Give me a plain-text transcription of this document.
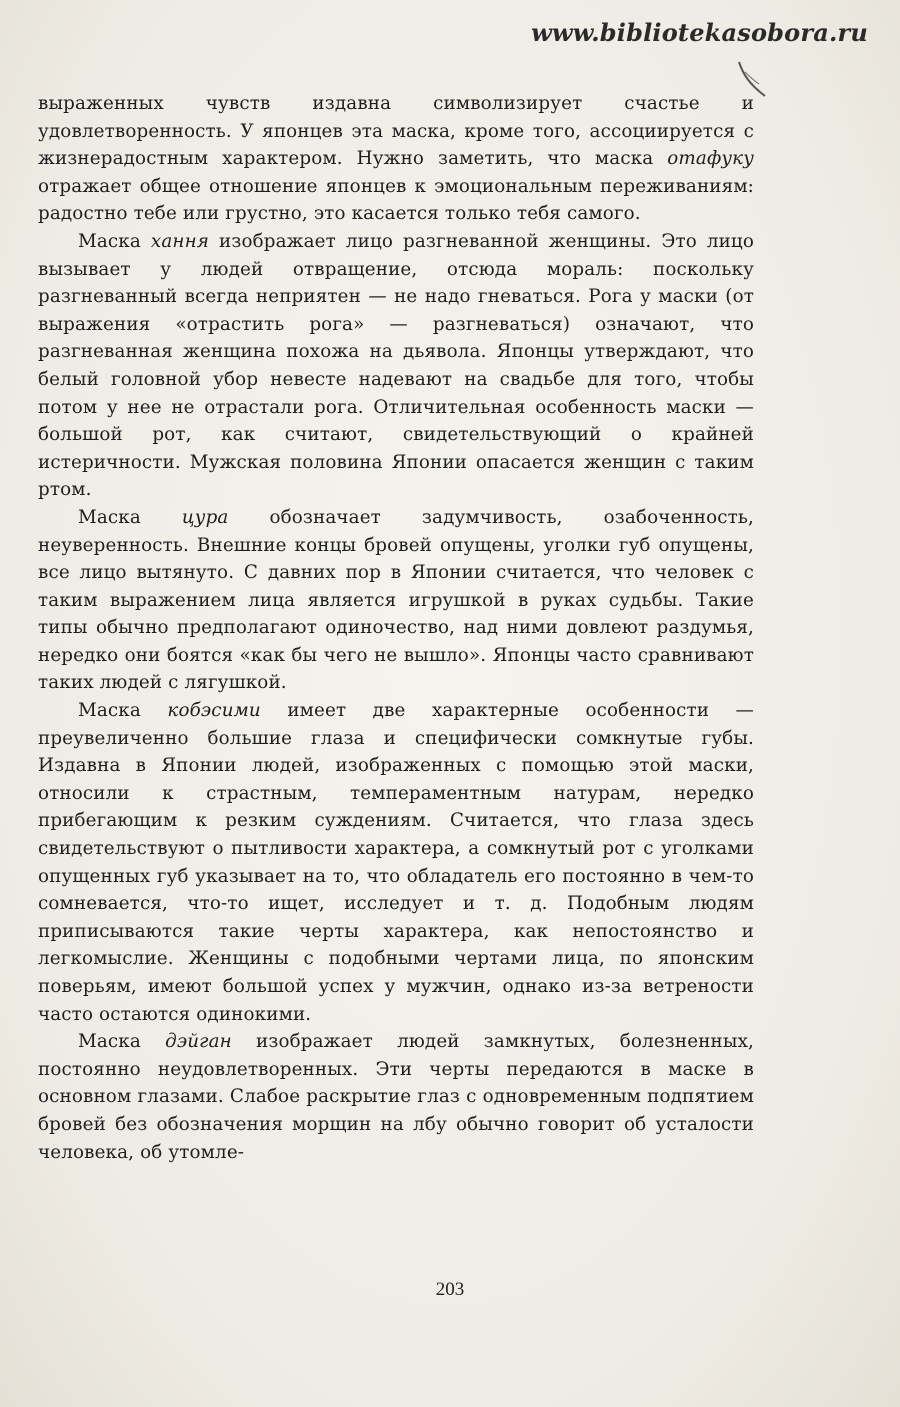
www.bibliotekasobora.ru

выраженных чувств издавна символизирует счастье и удовлетворенность. У японцев эта маска, кроме того, ассоциируется с жизнерадостным характером. Нужно заметить, что маска отафуку отражает общее отношение японцев к эмоциональным переживаниям: радостно тебе или грустно, это касается только тебя самого.

Маска хання изображает лицо разгневанной женщины. Это лицо вызывает у людей отвращение, отсюда мораль: поскольку разгневанный всегда неприятен — не надо гневаться. Рога у маски (от выражения «отрастить рога» — разгневаться) означают, что разгневанная женщина похожа на дьявола. Японцы утверждают, что белый головной убор невесте надевают на свадьбе для того, чтобы потом у нее не отрастали рога. Отличительная особенность маски — большой рот, как считают, свидетельствующий о крайней истеричности. Мужская половина Японии опасается женщин с таким ртом.

Маска цура обозначает задумчивость, озабоченность, неуверенность. Внешние концы бровей опущены, уголки губ опущены, все лицо вытянуто. С давних пор в Японии считается, что человек с таким выражением лица является игрушкой в руках судьбы. Такие типы обычно предполагают одиночество, над ними довлеют раздумья, нередко они боятся «как бы чего не вышло». Японцы часто сравнивают таких людей с лягушкой.

Маска кобэсими имеет две характерные особенности — преувеличенно большие глаза и специфически сомкнутые губы. Издавна в Японии людей, изображенных с помощью этой маски, относили к страстным, темпераментным натурам, нередко прибегающим к резким суждениям. Считается, что глаза здесь свидетельствуют о пытливости характера, а сомкнутый рот с уголками опущенных губ указывает на то, что обладатель его постоянно в чем-то сомневается, что-то ищет, исследует и т. д. Подобным людям приписываются такие черты характера, как непостоянство и легкомыслие. Женщины с подобными чертами лица, по японским поверьям, имеют большой успех у мужчин, однако из-за ветрености часто остаются одинокими.

Маска дэйган изображает людей замкнутых, болезненных, постоянно неудовлетворенных. Эти черты передаются в маске в основном глазами. Слабое раскрытие глаз с одновременным подпятием бровей без обозначения морщин на лбу обычно говорит об усталости человека, об утомле-

203
